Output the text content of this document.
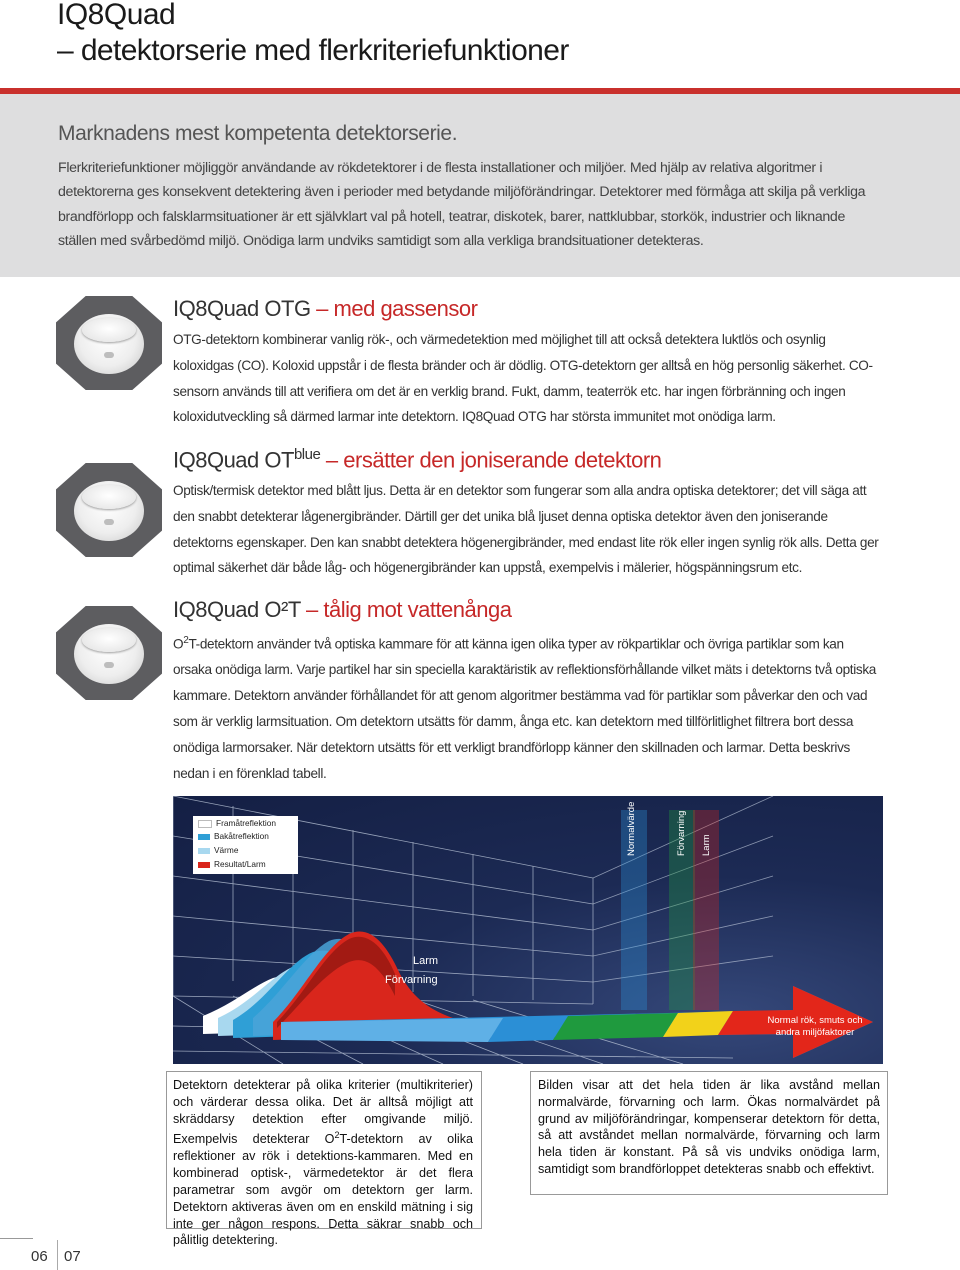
IQ8Quad
– detektorserie med flerkriteriefunktioner
Marknadens mest kompetenta detektorserie.
Flerkriteriefunktioner möjliggör användande av rökdetektorer i de flesta installationer och miljöer. Med hjälp av relativa algoritmer i detektorerna ges konsekvent detektering även i perioder med betydande miljöförändringar. Detektorer med förmåga att skilja på verkliga brandförlopp och falsklarmsituationer är ett självklart val på hotell, teatrar, diskotek, barer, nattklubbar, storkök, industrier och liknande ställen med svårbedömd miljö. Onödiga larm undviks samtidigt som alla verkliga brandsituationer detekteras.
IQ8Quad OTG – med gassensor
OTG-detektorn kombinerar vanlig rök-, och värmedetektion med möjlighet till att också detektera luktlös och osynlig koloxidgas (CO). Koloxid uppstår i de flesta bränder och är dödlig. OTG-detektorn ger alltså en hög personlig säkerhet. CO-sensorn används till att verifiera om det är en verklig brand. Fukt, damm, teaterrök etc. har ingen förbränning och ingen koloxidutveckling så därmed larmar inte detektorn. IQ8Quad OTG har största immunitet mot onödiga larm.
IQ8Quad $OT^{blue}$ – ersätter den joniserande detektorn
Optisk/termisk detektor med blått ljus. Detta är en detektor som fungerar som alla andra optiska detektorer; det vill säga att den snabbt detekterar lågenergibränder. Därtill ger det unika blå ljuset denna optiska detektor även den joniserande detektorns egenskaper. Den kan snabbt detektera högenergibränder, med endast lite rök eller ingen synlig rök alls. Detta ger optimal säkerhet där både låg- och högenergibränder kan uppstå, exempelvis i mälerier, högspänningsrum etc.
IQ8Quad O²T – tålig mot vattenånga
$O^2T$-detektorn använder två optiska kammare för att känna igen olika typer av rökpartiklar och övriga partiklar som kan orsaka onödiga larm. Varje partikel har sin speciella karaktäristik av reflektionsförhållande vilket mäts i detektorns två optiska kammare. Detektorn använder förhållandet för att genom algoritmer bestämma vad för partiklar som påverkar den och vad som är verklig larmsituation. Om detektorn utsätts för damm, ånga etc. kan detektorn med tillförlitlighet filtrera bort dessa onödiga larmorsaker. När detektorn utsätts för ett verkligt brandförlopp känner den skillnaden och larmar. Detta beskrivs nedan i en förenklad tabell.
Framåtreflektion
Bakåtreflektion
Värme
Resultat/Larm
Normalvärde	Förvarning Larm
Larm
Förvarning
Normal rök, smuts och
andra miljöfaktorer
Detektorn detekterar på olika kriterier (multikriterier) och värderar dessa olika. Det är alltså möjligt att skräddarsy detektion efter omgivande miljö. Exempelvis detekterar $O^2T$-detektorn av olika reflektioner av rök i detektions-kammaren. Med en kombinerad optisk-, värmedetektor är det flera parametrar som avgör om detektorn ger larm. Detektorn aktiveras även om en enskild mätning i sig inte ger någon respons. Detta säkrar snabb och pålitlig detektering.
Bilden visar att det hela tiden är lika avstånd mellan normalvärde, förvarning och larm. Ökas normalvärdet på grund av miljöförändringar, kompenserar detektorn för detta, så att avståndet mellan normalvärde, förvarning och larm hela tiden är konstant. På så vis undviks onödiga larm, samtidigt som brandförloppet detekteras snabb och effektivt.
06 07
